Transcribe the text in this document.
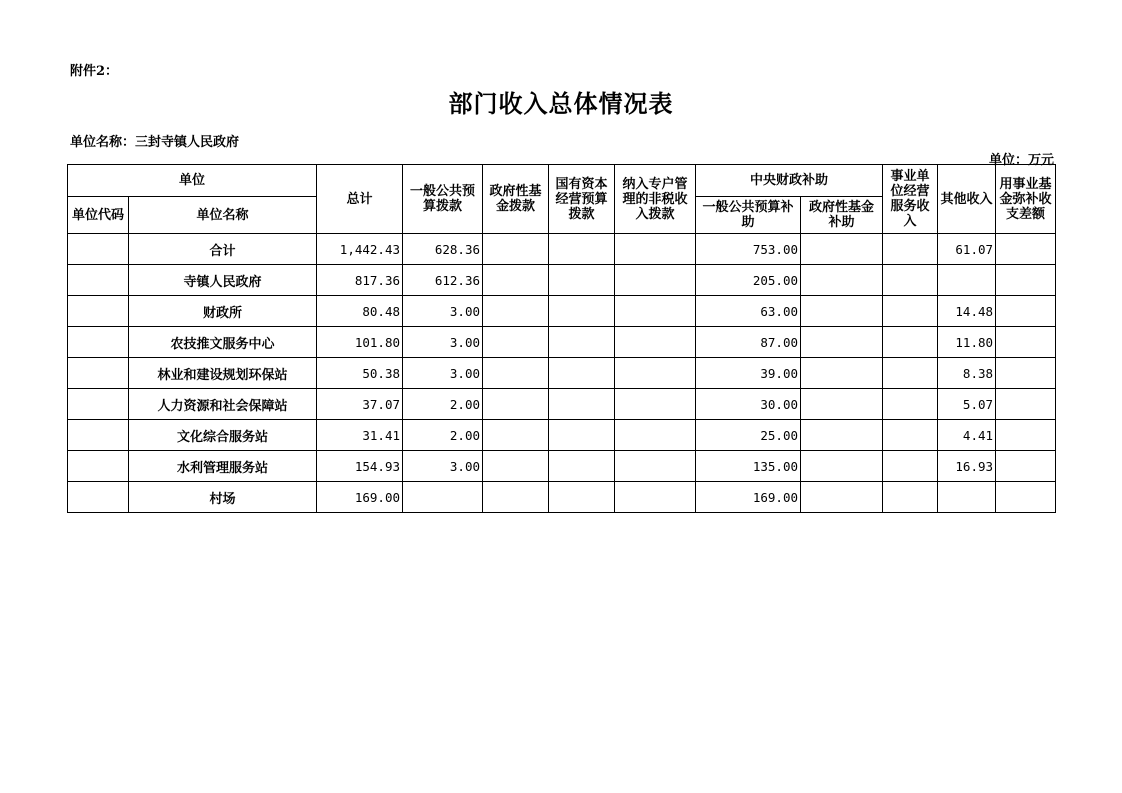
附件2：
部门收入总体情况表
单位名称：三封寺镇人民政府
单位：万元
单位		总计	一般公共预算拨款	政府性基金拨款	国有资本经营预算拨款	纳入专户管理的非税收入拨款	中央财政补助		事业单位经营服务收入	其他收入	用事业基金弥补收支差额
单位代码	单位名称						一般公共预算补助	政府性基金补助			
	合计	1,442.43	628.36				753.00			61.07	
	寺镇人民政府	817.36	612.36				205.00				
	财政所	80.48	3.00				63.00			14.48	
	农技推文服务中心	101.80	3.00				87.00			11.80	
	林业和建设规划环保站	50.38	3.00				39.00			8.38	
	人力资源和社会保障站	37.07	2.00				30.00			5.07	
	文化综合服务站	31.41	2.00				25.00			4.41	
	水利管理服务站	154.93	3.00				135.00			16.93	
	村场	169.00					169.00				
